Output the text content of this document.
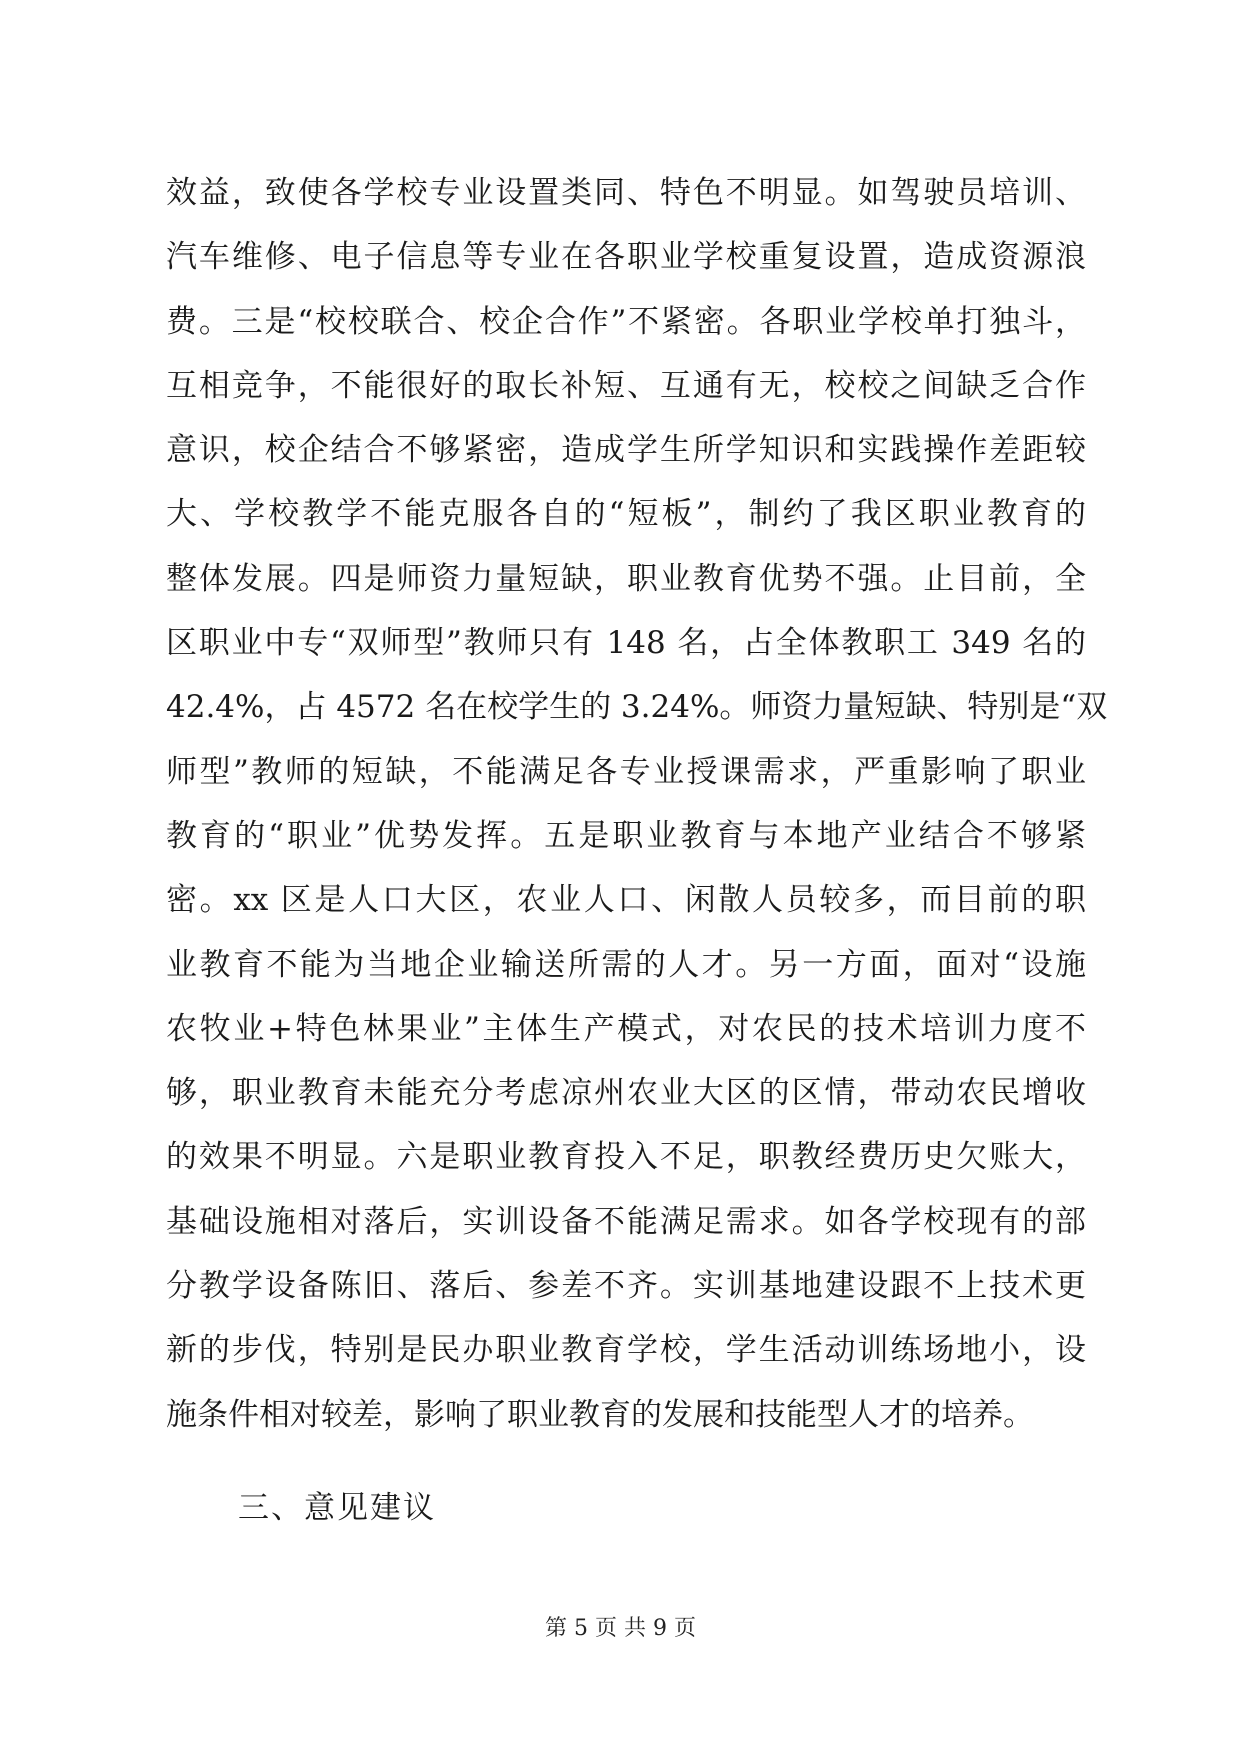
效益，致使各学校专业设置类同、特色不明显。如驾驶员培训、
汽车维修、电子信息等专业在各职业学校重复设置，造成资源浪
费。三是“校校联合、校企合作”不紧密。各职业学校单打独斗，
互相竞争，不能很好的取长补短、互通有无，校校之间缺乏合作
意识，校企结合不够紧密，造成学生所学知识和实践操作差距较
大、学校教学不能克服各自的“短板”，制约了我区职业教育的
整体发展。四是师资力量短缺，职业教育优势不强。止目前，全
区职业中专“双师型”教师只有 148 名，占全体教职工 349 名的
42.4%，占 4572 名在校学生的 3.24%。师资力量短缺、特别是“双
师型”教师的短缺，不能满足各专业授课需求，严重影响了职业
教育的“职业”优势发挥。五是职业教育与本地产业结合不够紧
密。xx 区是人口大区，农业人口、闲散人员较多，而目前的职
业教育不能为当地企业输送所需的人才。另一方面，面对“设施
农牧业+特色林果业”主体生产模式，对农民的技术培训力度不
够，职业教育未能充分考虑凉州农业大区的区情，带动农民增收
的效果不明显。六是职业教育投入不足，职教经费历史欠账大，
基础设施相对落后，实训设备不能满足需求。如各学校现有的部
分教学设备陈旧、落后、参差不齐。实训基地建设跟不上技术更
新的步伐，特别是民办职业教育学校，学生活动训练场地小，设
施条件相对较差，影响了职业教育的发展和技能型人才的培养。
三、意见建议
第 5 页 共 9 页
